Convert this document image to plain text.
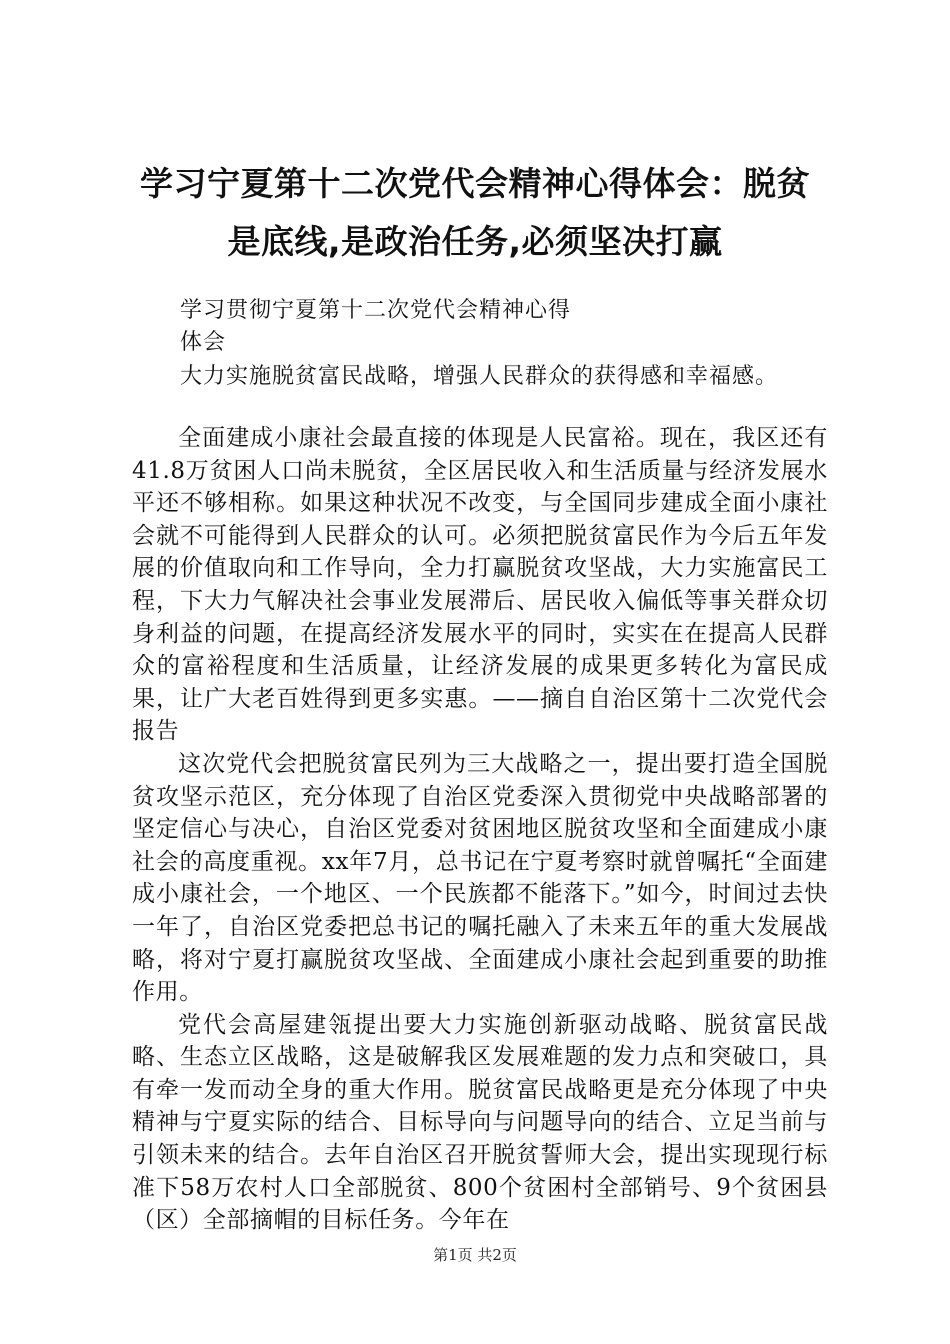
学习宁夏第十二次党代会精神心得体会：脱贫
是底线,是政治任务,必须坚决打赢
学习贯彻宁夏第十二次党代会精神心得
体会
大力实施脱贫富民战略，增强人民群众的获得感和幸福感。

全面建成小康社会最直接的体现是人民富裕。现在，我区还有41.8万贫困人口尚未脱贫，全区居民收入和生活质量与经济发展水平还不够相称。如果这种状况不改变，与全国同步建成全面小康社会就不可能得到人民群众的认可。必须把脱贫富民作为今后五年发展的价值取向和工作导向，全力打赢脱贫攻坚战，大力实施富民工程，下大力气解决社会事业发展滞后、居民收入偏低等事关群众切身利益的问题，在提高经济发展水平的同时，实实在在提高人民群众的富裕程度和生活质量，让经济发展的成果更多转化为富民成果，让广大老百姓得到更多实惠。——摘自自治区第十二次党代会报告

这次党代会把脱贫富民列为三大战略之一，提出要打造全国脱贫攻坚示范区，充分体现了自治区党委深入贯彻党中央战略部署的坚定信心与决心，自治区党委对贫困地区脱贫攻坚和全面建成小康社会的高度重视。xx年7月，总书记在宁夏考察时就曾嘱托“全面建成小康社会，一个地区、一个民族都不能落下。”如今，时间过去快一年了，自治区党委把总书记的嘱托融入了未来五年的重大发展战略，将对宁夏打赢脱贫攻坚战、全面建成小康社会起到重要的助推作用。

党代会高屋建瓴提出要大力实施创新驱动战略、脱贫富民战略、生态立区战略，这是破解我区发展难题的发力点和突破口，具有牵一发而动全身的重大作用。脱贫富民战略更是充分体现了中央精神与宁夏实际的结合、目标导向与问题导向的结合、立足当前与引领未来的结合。去年自治区召开脱贫誓师大会，提出实现现行标准下58万农村人口全部脱贫、800个贫困村全部销号、9个贫困县（区）全部摘帽的目标任务。今年在

第1页 共2页
